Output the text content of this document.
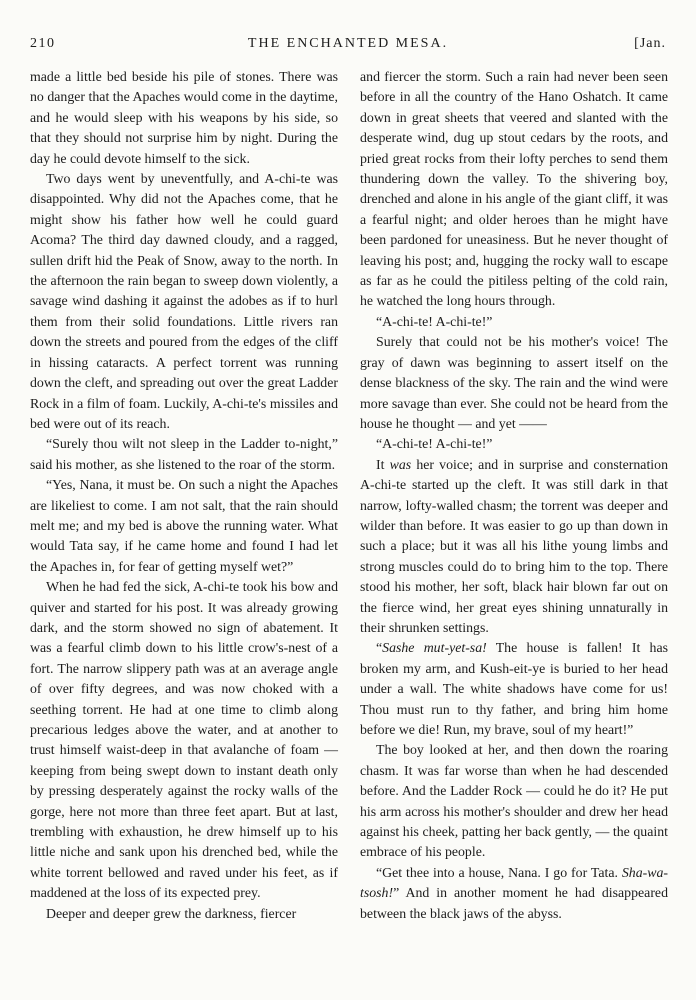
210	THE ENCHANTED MESA.	[Jan.

made a little bed beside his pile of stones. There was no danger that the Apaches would come in the daytime, and he would sleep with his weapons by his side, so that they should not surprise him by night. During the day he could devote himself to the sick.

Two days went by uneventfully, and A-chi-te was disappointed. Why did not the Apaches come, that he might show his father how well he could guard Acoma? The third day dawned cloudy, and a ragged, sullen drift hid the Peak of Snow, away to the north. In the afternoon the rain began to sweep down violently, a savage wind dashing it against the adobes as if to hurl them from their solid foundations. Little rivers ran down the streets and poured from the edges of the cliff in hissing cataracts. A perfect torrent was running down the cleft, and spreading out over the great Ladder Rock in a film of foam. Luckily, A-chi-te's missiles and bed were out of its reach.

“Surely thou wilt not sleep in the Ladder to-night,” said his mother, as she listened to the roar of the storm.

“Yes, Nana, it must be. On such a night the Apaches are likeliest to come. I am not salt, that the rain should melt me; and my bed is above the running water. What would Tata say, if he came home and found I had let the Apaches in, for fear of getting myself wet?”

When he had fed the sick, A-chi-te took his bow and quiver and started for his post. It was already growing dark, and the storm showed no sign of abatement. It was a fearful climb down to his little crow's-nest of a fort. The narrow slippery path was at an average angle of over fifty degrees, and was now choked with a seething torrent. He had at one time to climb along precarious ledges above the water, and at another to trust himself waist-deep in that avalanche of foam — keeping from being swept down to instant death only by pressing desperately against the rocky walls of the gorge, here not more than three feet apart. But at last, trembling with exhaustion, he drew himself up to his little niche and sank upon his drenched bed, while the white torrent bellowed and raved under his feet, as if maddened at the loss of its expected prey.

Deeper and deeper grew the darkness, fiercer

and fiercer the storm. Such a rain had never been seen before in all the country of the Hano Oshatch. It came down in great sheets that veered and slanted with the desperate wind, dug up stout cedars by the roots, and pried great rocks from their lofty perches to send them thundering down the valley. To the shivering boy, drenched and alone in his angle of the giant cliff, it was a fearful night; and older heroes than he might have been pardoned for uneasiness. But he never thought of leaving his post; and, hugging the rocky wall to escape as far as he could the pitiless pelting of the cold rain, he watched the long hours through.

“A-chi-te! A-chi-te!”

Surely that could not be his mother's voice! The gray of dawn was beginning to assert itself on the dense blackness of the sky. The rain and the wind were more savage than ever. She could not be heard from the house he thought — and yet ——

“A-chi-te! A-chi-te!”

It was her voice; and in surprise and consternation A-chi-te started up the cleft. It was still dark in that narrow, lofty-walled chasm; the torrent was deeper and wilder than before. It was easier to go up than down in such a place; but it was all his lithe young limbs and strong muscles could do to bring him to the top. There stood his mother, her soft, black hair blown far out on the fierce wind, her great eyes shining unnaturally in their shrunken settings.

“Sashe mut-yet-sa! The house is fallen! It has broken my arm, and Kush-eit-ye is buried to her head under a wall. The white shadows have come for us! Thou must run to thy father, and bring him home before we die! Run, my brave, soul of my heart!”

The boy looked at her, and then down the roaring chasm. It was far worse than when he had descended before. And the Ladder Rock — could he do it? He put his arm across his mother's shoulder and drew her head against his cheek, patting her back gently, — the quaint embrace of his people.

“Get thee into a house, Nana. I go for Tata. Sha-wa-tsosh!” And in another moment he had disappeared between the black jaws of the abyss.
